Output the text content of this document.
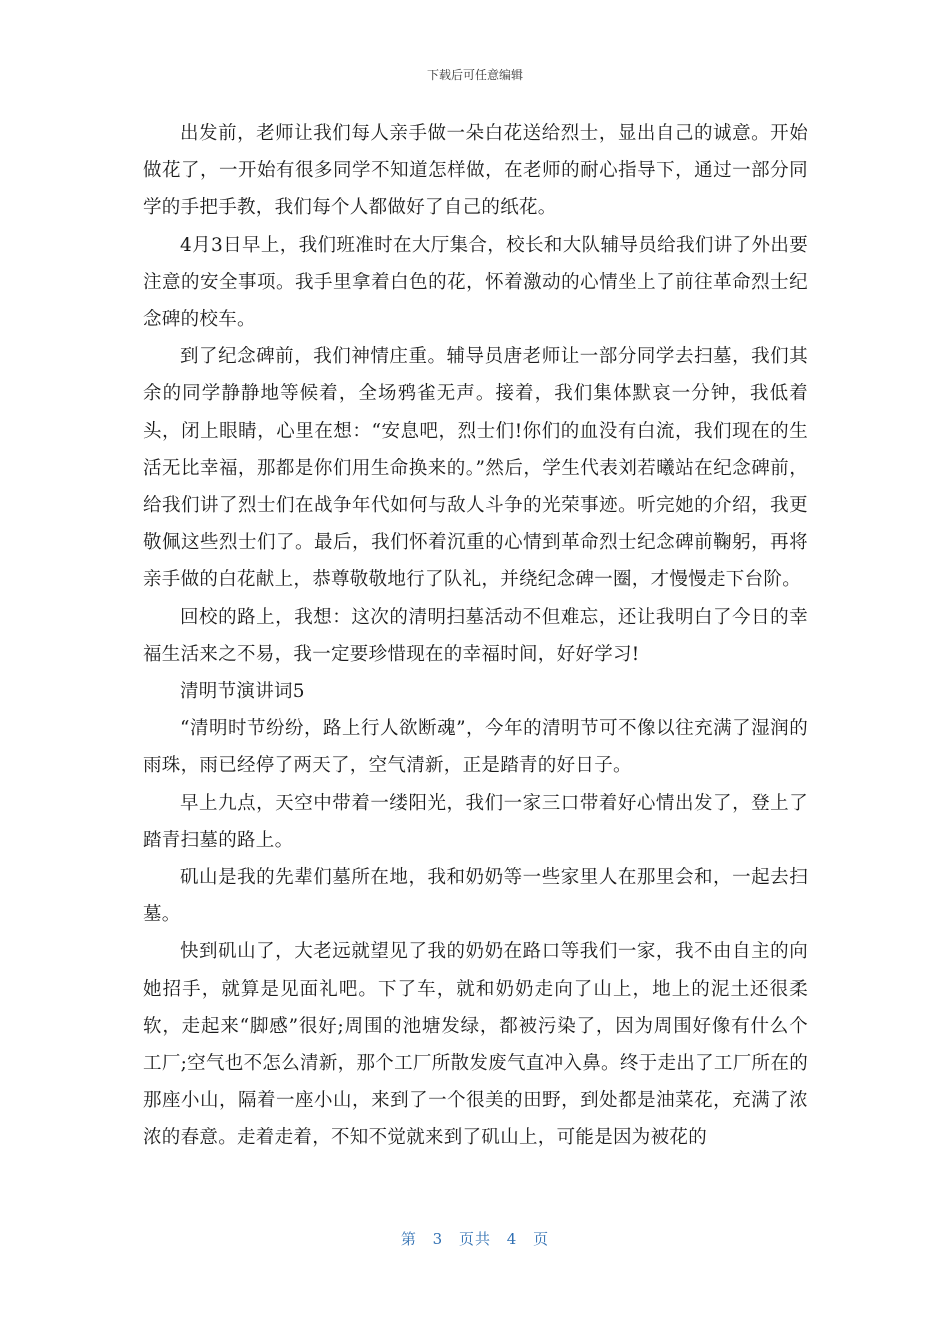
下载后可任意编辑

出发前，老师让我们每人亲手做一朵白花送给烈士，显出自己的诚意。开始做花了，一开始有很多同学不知道怎样做，在老师的耐心指导下，通过一部分同学的手把手教，我们每个人都做好了自己的纸花。

4月3日早上，我们班准时在大厅集合，校长和大队辅导员给我们讲了外出要注意的安全事项。我手里拿着白色的花，怀着激动的心情坐上了前往革命烈士纪念碑的校车。

到了纪念碑前，我们神情庄重。辅导员唐老师让一部分同学去扫墓，我们其余的同学静静地等候着，全场鸦雀无声。接着，我们集体默哀一分钟，我低着头，闭上眼睛，心里在想：“安息吧，烈士们!你们的血没有白流，我们现在的生活无比幸福，那都是你们用生命换来的。”然后，学生代表刘若曦站在纪念碑前，给我们讲了烈士们在战争年代如何与敌人斗争的光荣事迹。听完她的介绍，我更敬佩这些烈士们了。最后，我们怀着沉重的心情到革命烈士纪念碑前鞠躬，再将亲手做的白花献上，恭尊敬敬地行了队礼，并绕纪念碑一圈，才慢慢走下台阶。

回校的路上，我想：这次的清明扫墓活动不但难忘，还让我明白了今日的幸福生活来之不易，我一定要珍惜现在的幸福时间，好好学习!

清明节演讲词5

“清明时节纷纷，路上行人欲断魂”，今年的清明节可不像以往充满了湿润的雨珠，雨已经停了两天了，空气清新，正是踏青的好日子。

早上九点，天空中带着一缕阳光，我们一家三口带着好心情出发了，登上了踏青扫墓的路上。

矶山是我的先辈们墓所在地，我和奶奶等一些家里人在那里会和，一起去扫墓。

快到矶山了，大老远就望见了我的奶奶在路口等我们一家，我不由自主的向她招手，就算是见面礼吧。下了车，就和奶奶走向了山上，地上的泥土还很柔软，走起来“脚感”很好;周围的池塘发绿，都被污染了，因为周围好像有什么个工厂;空气也不怎么清新，那个工厂所散发废气直冲入鼻。终于走出了工厂所在的那座小山，隔着一座小山，来到了一个很美的田野，到处都是油菜花，充满了浓浓的春意。走着走着，不知不觉就来到了矶山上，可能是因为被花的

第 3 页共 4 页
